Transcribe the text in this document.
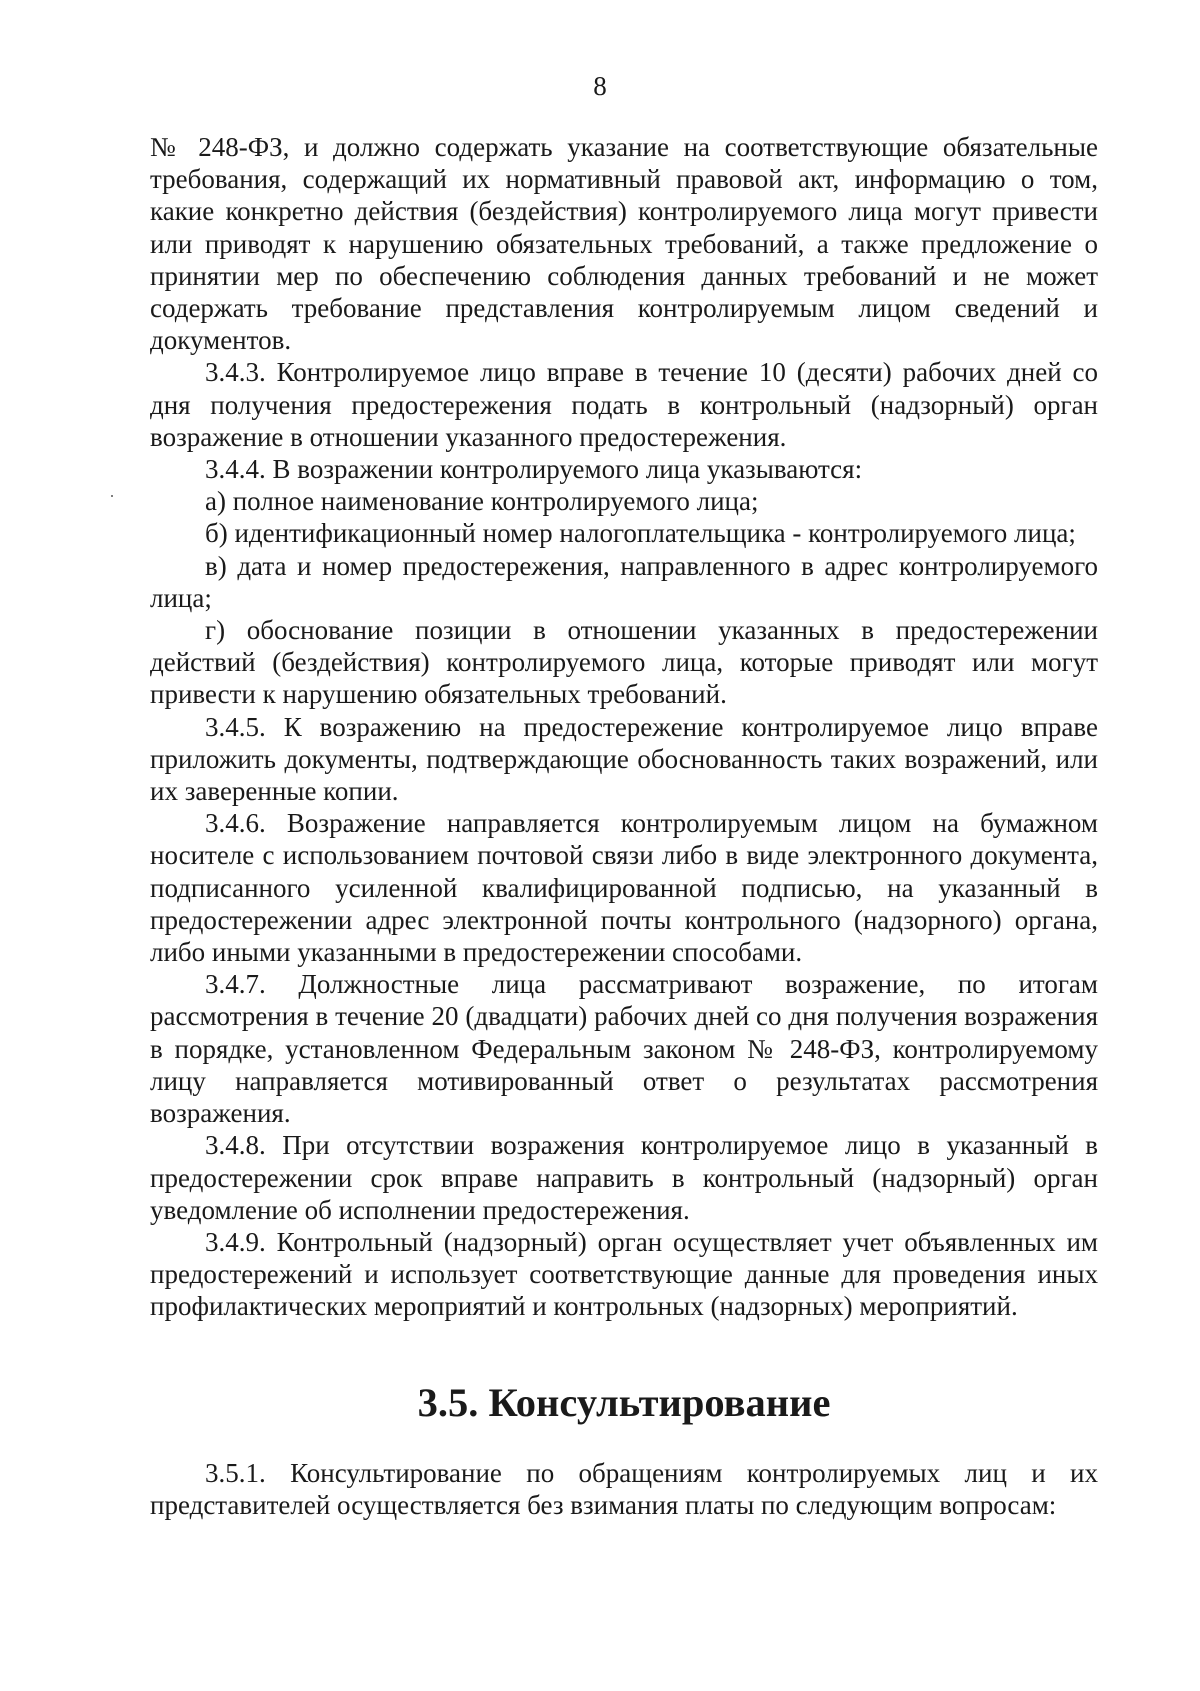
8

№ 248-ФЗ, и должно содержать указание на соответствующие обязательные требования, содержащий их нормативный правовой акт, информацию о том, какие конкретно действия (бездействия) контролируемого лица могут привести или приводят к нарушению обязательных требований, а также предложение о принятии мер по обеспечению соблюдения данных требований и не может содержать требование представления контролируемым лицом сведений и документов.

3.4.3. Контролируемое лицо вправе в течение 10 (десяти) рабочих дней со дня получения предостережения подать в контрольный (надзорный) орган возражение в отношении указанного предостережения.

3.4.4. В возражении контролируемого лица указываются:

а) полное наименование контролируемого лица;

б) идентификационный номер налогоплательщика - контролируемого лица;

в) дата и номер предостережения, направленного в адрес контролируемого лица;

г) обоснование позиции в отношении указанных в предостережении действий (бездействия) контролируемого лица, которые приводят или могут привести к нарушению обязательных требований.

3.4.5. К возражению на предостережение контролируемое лицо вправе приложить документы, подтверждающие обоснованность таких возражений, или их заверенные копии.

3.4.6. Возражение направляется контролируемым лицом на бумажном носителе с использованием почтовой связи либо в виде электронного документа, подписанного усиленной квалифицированной подписью, на указанный в предостережении адрес электронной почты контрольного (надзорного) органа, либо иными указанными в предостережении способами.

3.4.7. Должностные лица рассматривают возражение, по итогам рассмотрения в течение 20 (двадцати) рабочих дней со дня получения возражения в порядке, установленном Федеральным законом № 248-ФЗ, контролируемому лицу направляется мотивированный ответ о результатах рассмотрения возражения.

3.4.8. При отсутствии возражения контролируемое лицо в указанный в предостережении срок вправе направить в контрольный (надзорный) орган уведомление об исполнении предостережения.

3.4.9. Контрольный (надзорный) орган осуществляет учет объявленных им предостережений и использует соответствующие данные для проведения иных профилактических мероприятий и контрольных (надзорных) мероприятий.

3.5. Консультирование

3.5.1. Консультирование по обращениям контролируемых лиц и их представителей осуществляется без взимания платы по следующим вопросам:
